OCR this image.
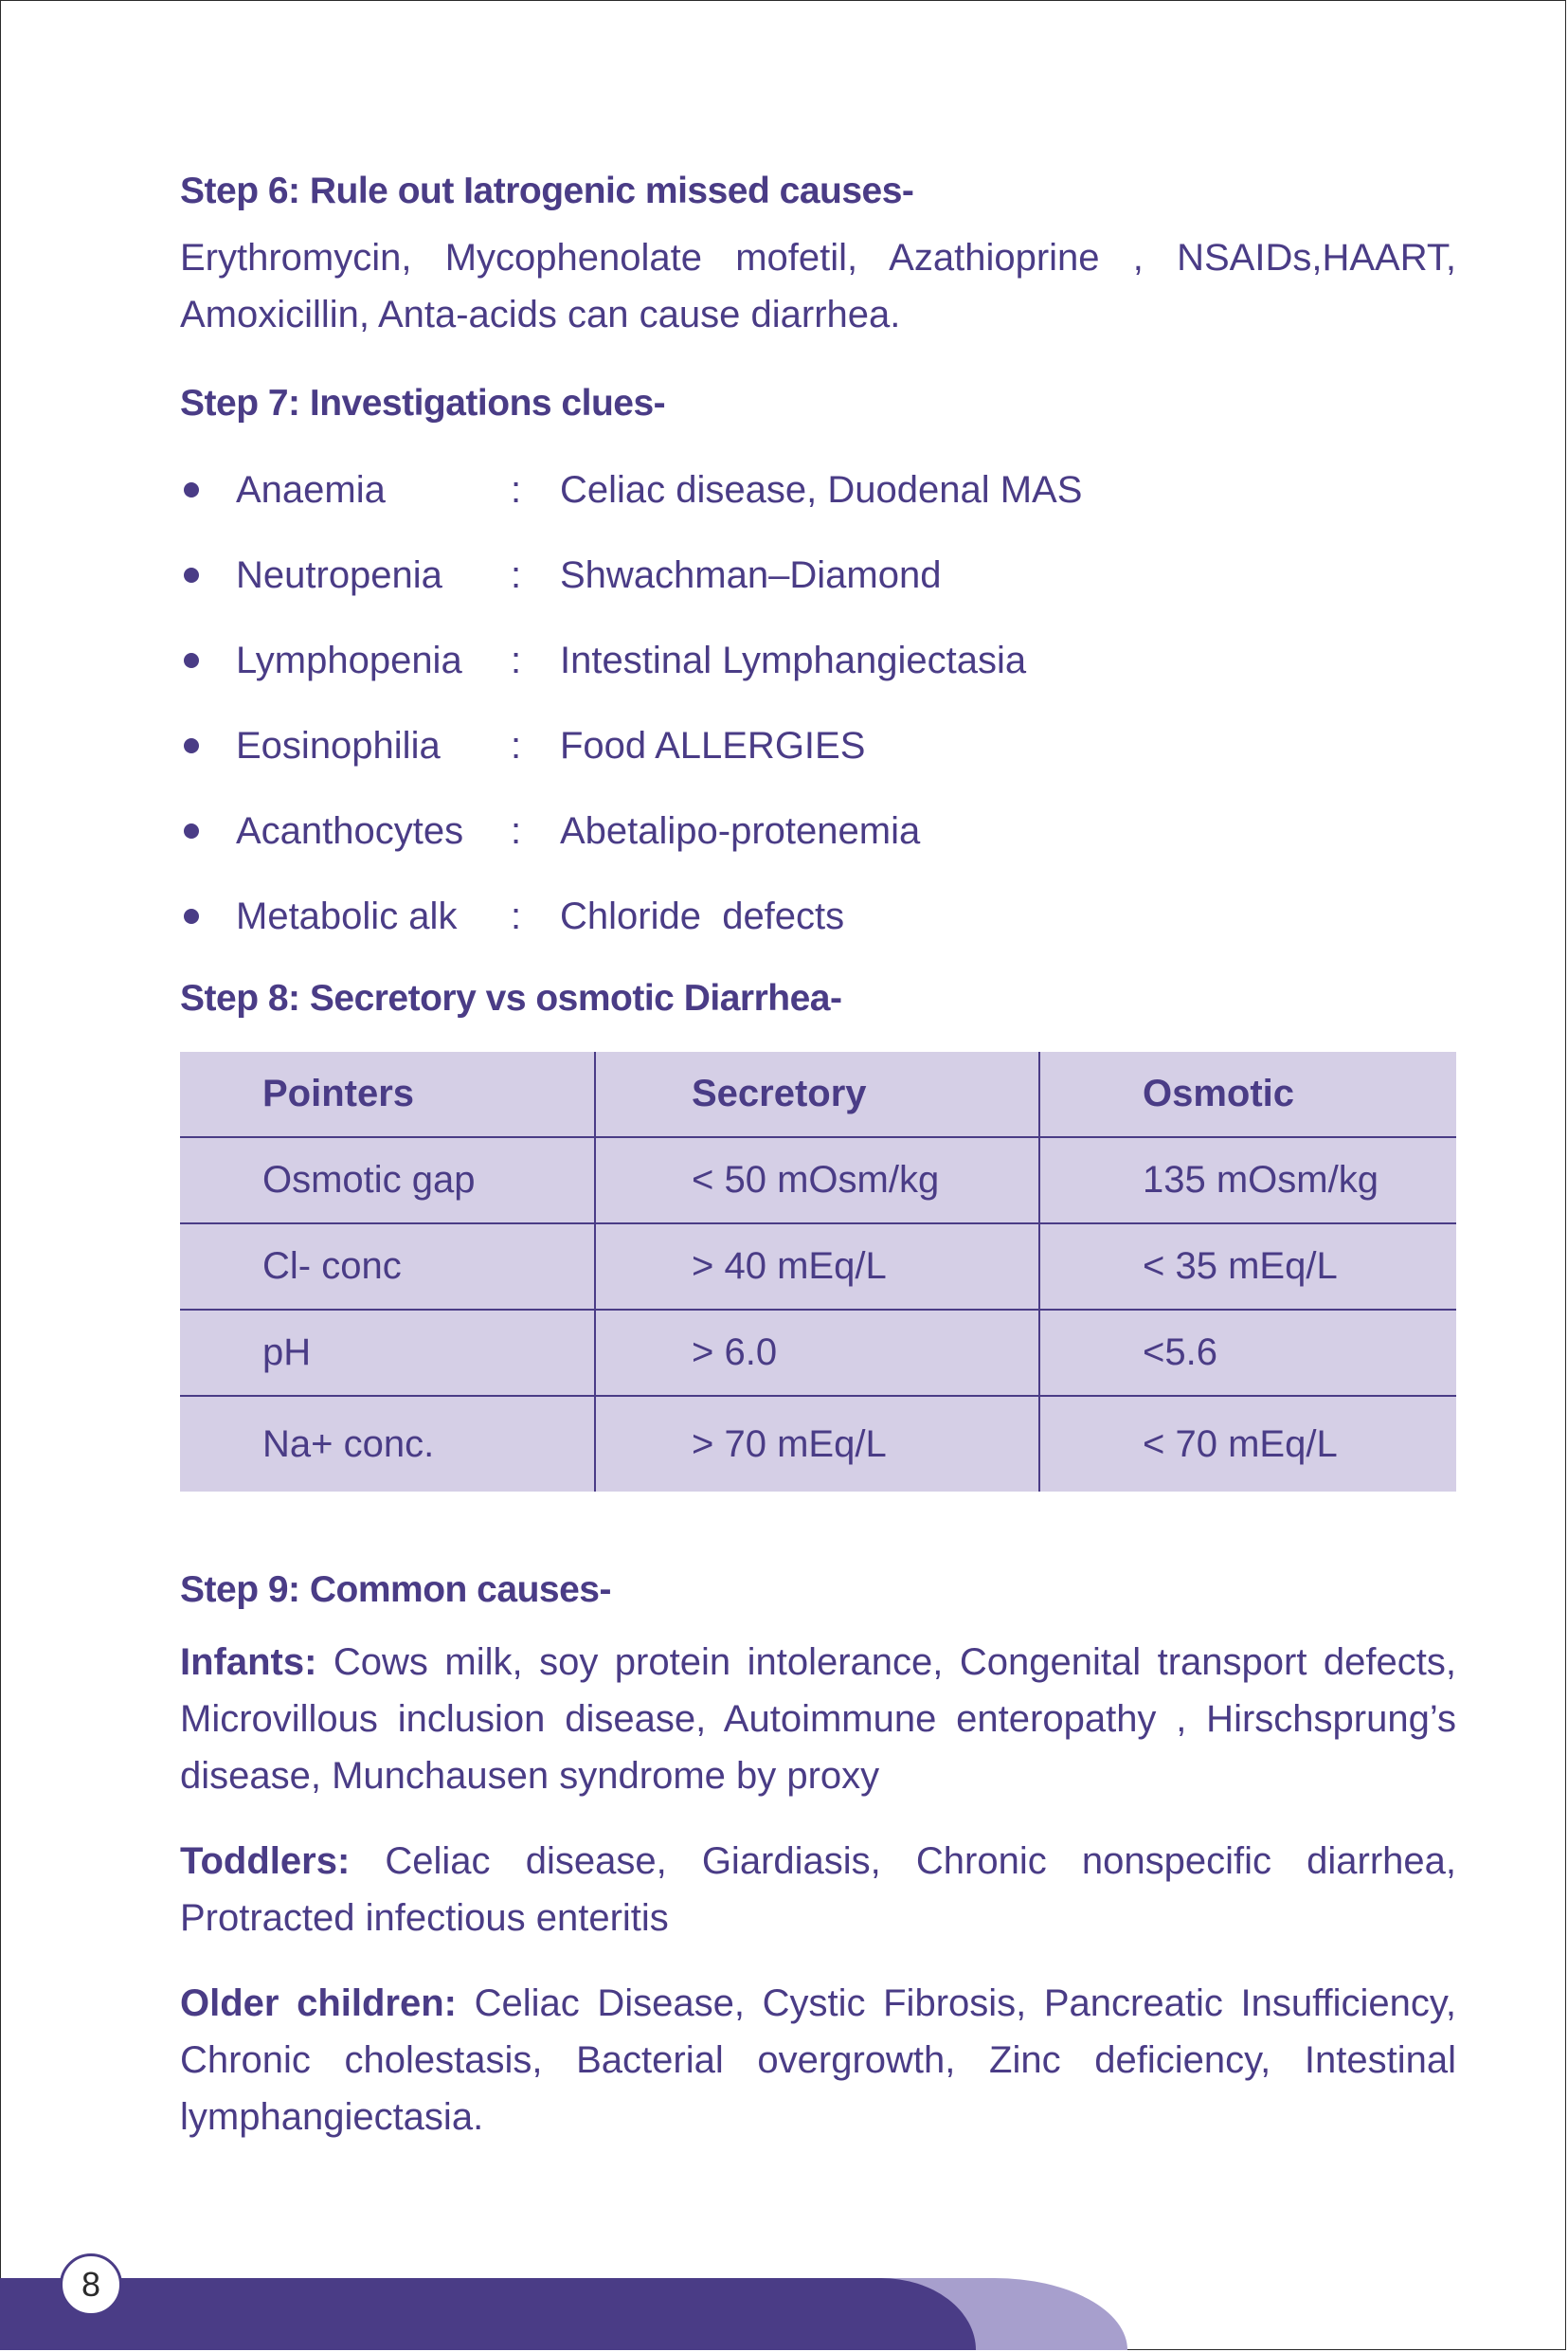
Step 6: Rule out Iatrogenic missed causes-

Erythromycin, Mycophenolate mofetil, Azathioprine , NSAIDs,HAART, Amoxicillin, Anta-acids can cause diarrhea.

Step 7: Investigations clues-
Anaemia	: Celiac disease, Duodenal MAS
Neutropenia : Shwachman–Diamond
Lymphopenia : Intestinal Lymphangiectasia
Eosinophilia : Food ALLERGIES
Acanthocytes : Abetalipo-protenemia
Metabolic alk : Chloride  defects
Step 8: Secretory vs osmotic Diarrhea-
Pointers	Secretory	Osmotic
Osmotic gap	< 50 mOsm/kg	135 mOsm/kg
Cl- conc	> 40 mEq/L	< 35 mEq/L
pH	> 6.0	<5.6
Na+ conc.	> 70 mEq/L	< 70 mEq/L
Step 9: Common causes-

Infants: Cows milk, soy protein intolerance, Congenital transport defects, Microvillous inclusion disease, Autoimmune enteropathy , Hirschsprung’s disease, Munchausen syndrome by proxy

Toddlers: Celiac disease, Giardiasis, Chronic nonspecific diarrhea, Protracted infectious enteritis

Older children: Celiac Disease, Cystic Fibrosis, Pancreatic Insufficiency, Chronic cholestasis, Bacterial overgrowth, Zinc deficiency, Intestinal lymphangiectasia.

8
